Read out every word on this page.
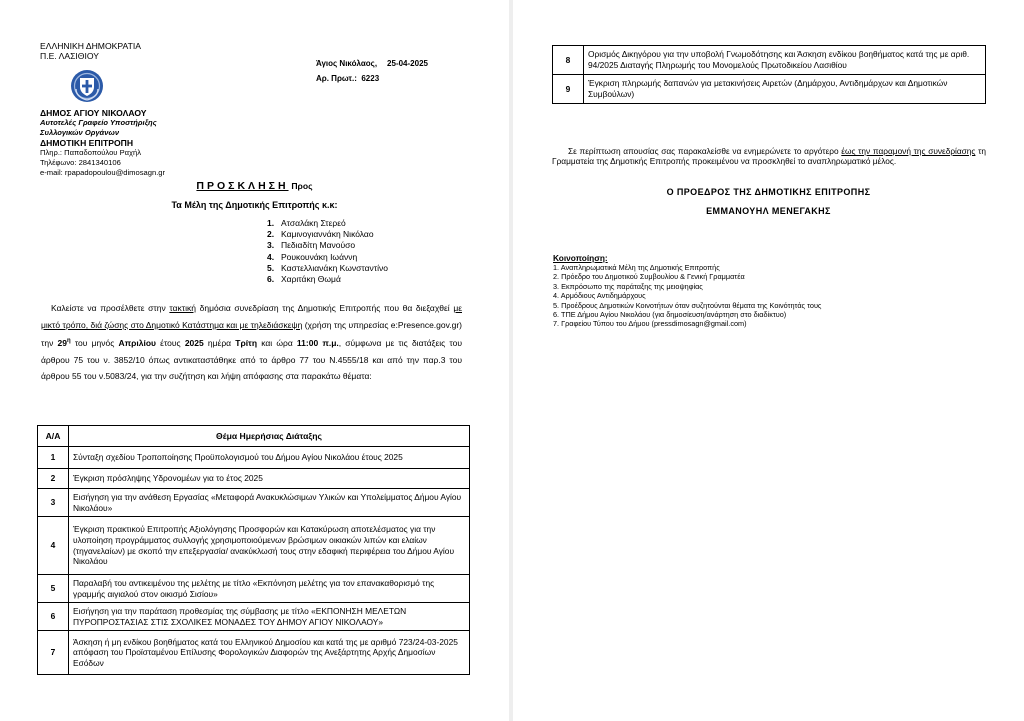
ΕΛΛΗΝΙΚΗ ΔΗΜΟΚΡΑΤΙΑ
Π.Ε. ΛΑΣΙΘΙΟΥ
ΔΗΜΟΣ ΑΓΙΟΥ ΝΙΚΟΛΑΟΥ
Αυτοτελές Γραφείο Υποστήριξης
Συλλογικών Οργάνων
ΔΗΜΟΤΙΚΗ ΕΠΙΤΡΟΠΗ
Πληρ.: Παπαδοπούλου Ραχήλ
Τηλέφωνο: 2841340106
e-mail: rpapadopoulou@dimosagn.gr
Άγιος Νικόλαος, 25-04-2025
Αρ. Πρωτ.: 6223
ΠΡΟΣΚΛΗΣΗ Προς
Τα Μέλη της Δημοτικής Επιτροπής κ.κ:
1. Ατσαλάκη Στερεό
2. Καμινογιαννάκη Νικόλαο
3. Πεδιαδίτη Μανούσο
4. Ρουκουνάκη Ιωάννη
5. Καστελλιανάκη Κωνσταντίνο
6. Χαριτάκη Θωμά
Καλείστε να προσέλθετε στην τακτική δημόσια συνεδρίαση της Δημοτικής Επιτροπής που θα διεξαχθεί με μικτό τρόπο, διά ζώσης στο Δημοτικό Κατάστημα και με τηλεδιάσκεψη (χρήση της υπηρεσίας e:Presence.gov.gr) την $29^\eta$ του μηνός Απριλίου έτους 2025 ημέρα Τρίτη και ώρα 11:00 π.μ., σύμφωνα με τις διατάξεις του άρθρου 75 του ν. 3852/10 όπως αντικαταστάθηκε από το άρθρο 77 του Ν.4555/18 και από την παρ.3 του άρθρου 55 του ν.5083/24, για την συζήτηση και λήψη απόφασης στα παρακάτω θέματα:
Α/Α	Θέμα Ημερήσιας Διάταξης
1	Σύνταξη σχεδίου Τροποποίησης Προϋπολογισμού του Δήμου Αγίου Νικολάου έτους 2025
2	Έγκριση πρόσληψης Υδρονομέων για το έτος 2025
3	Εισήγηση για την ανάθεση Εργασίας «Μεταφορά Ανακυκλώσιμων Υλικών και Υπολείμματος Δήμου Αγίου Νικολάου»
4	Έγκριση πρακτικού Επιτροπής Αξιολόγησης Προσφορών και Κατακύρωση αποτελέσματος για την υλοποίηση προγράμματος συλλογής χρησιμοποιούμενων βρώσιμων οικιακών λιπών και ελαίων (τηγανελαίων) με σκοπό την επεξεργασία/ ανακύκλωσή τους στην εδαφική περιφέρεια του Δήμου Αγίου Νικολάου
5	Παραλαβή του αντικειμένου της μελέτης με τίτλο «Εκπόνηση μελέτης για τον επανακαθορισμό της γραμμής αιγιαλού στον οικισμό Σισίου»
6	Εισήγηση για την παράταση προθεσμίας της σύμβασης με τίτλο «ΕΚΠΟΝΗΣΗ ΜΕΛΕΤΩΝ ΠΥΡΟΠΡΟΣΤΑΣΙΑΣ ΣΤΙΣ ΣΧΟΛΙΚΕΣ ΜΟΝΑΔΕΣ ΤΟΥ ΔΗΜΟΥ ΑΓΙΟΥ ΝΙΚΟΛΑΟΥ»
7	Άσκηση ή μη ενδίκου βοηθήματος κατά του Ελληνικού Δημοσίου και κατά της με αριθμό 723/24-03-2025 απόφαση του Προϊσταμένου Επίλυσης Φορολογικών Διαφορών της Ανεξάρτητης Αρχής Δημοσίων Εσόδων
8	Ορισμός Δικηγόρου για την υποβολή Γνωμοδότησης και Άσκηση ενδίκου βοηθήματος κατά της με αριθ. 94/2025 Διαταγής Πληρωμής του Μονομελούς Πρωτοδικείου Λασιθίου
9	Έγκριση πληρωμής δαπανών για μετακινήσεις Αιρετών (Δημάρχου, Αντιδημάρχων και Δημοτικών Συμβούλων)
Σε περίπτωση απουσίας σας παρακαλείσθε να ενημερώνετε το αργότερο έως την παραμονή της συνεδρίασης τη Γραμματεία της Δημοτικής Επιτροπής προκειμένου να προσκληθεί το αναπληρωματικό μέλος.
Ο ΠΡΟΕΔΡΟΣ ΤΗΣ ΔΗΜΟΤΙΚΗΣ ΕΠΙΤΡΟΠΗΣ
ΕΜΜΑΝΟΥΗΛ ΜΕΝΕΓΑΚΗΣ
Κοινοποίηση:
1. Αναπληρωματικά Μέλη της Δημοτικής Επιτροπής
2. Πρόεδρο του Δημοτικού Συμβουλίου & Γενική Γραμματέα
3. Εκπρόσωπο της παράταξης της μειοψηφίας
4. Αρμόδιους Αντιδημάρχους
5. Προέδρους Δημοτικών Κοινοτήτων όταν συζητούνται θέματα της Κοινότητάς τους
6. ΤΠΕ Δήμου Αγίου Νικολάου (για δημοσίευση/ανάρτηση στο διαδίκτυο)
7. Γραφείου Τύπου του Δήμου (pressdimosagn@gmail.com)
